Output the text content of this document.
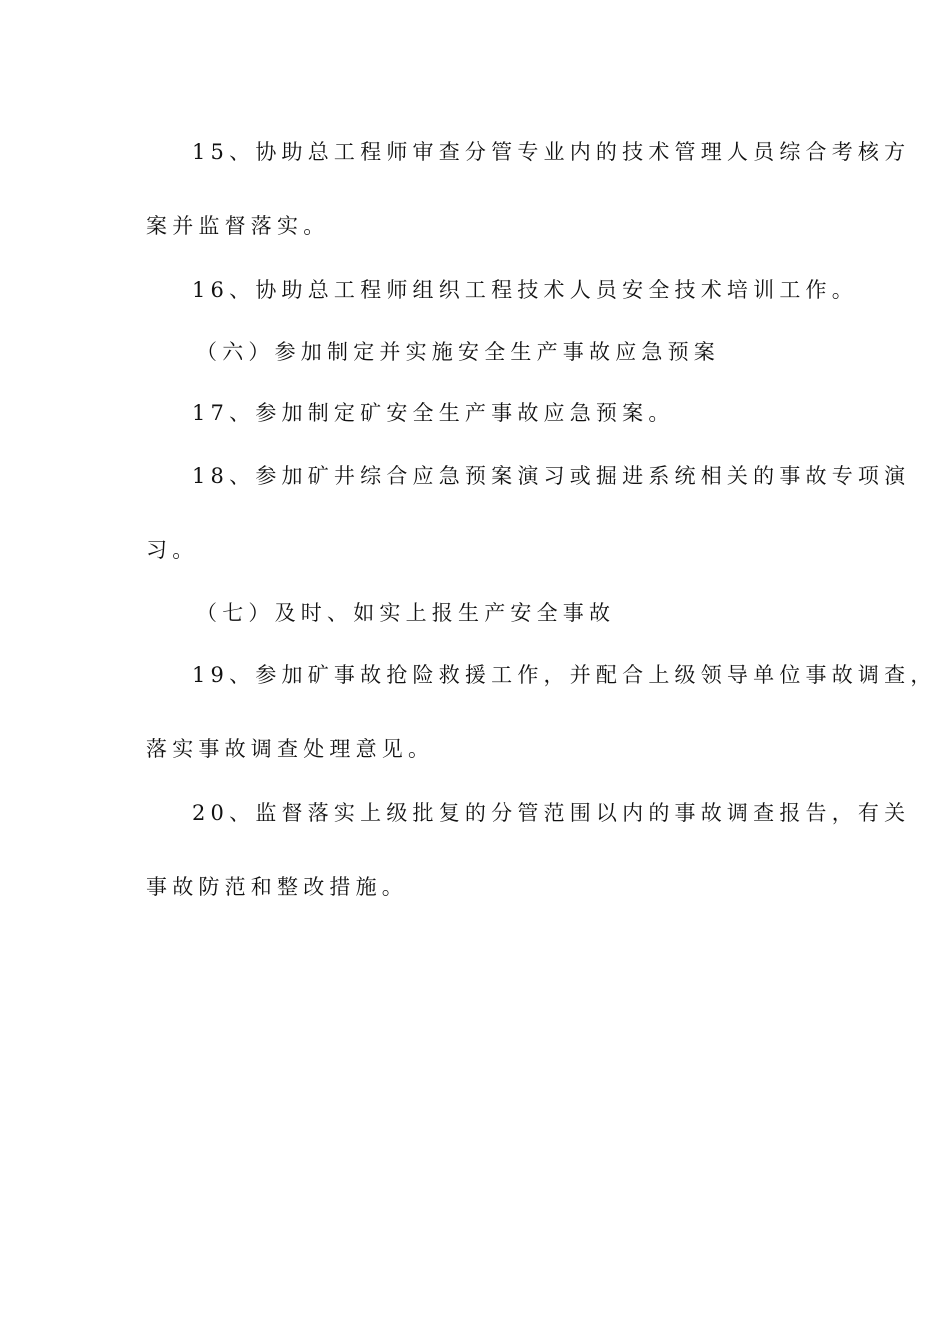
15、协助总工程师审查分管专业内的技术管理人员综合考核方
案并监督落实。
16、协助总工程师组织工程技术人员安全技术培训工作。
（六）参加制定并实施安全生产事故应急预案
17、参加制定矿安全生产事故应急预案。
18、参加矿井综合应急预案演习或掘进系统相关的事故专项演
习。
（七）及时、如实上报生产安全事故
19、参加矿事故抢险救援工作，并配合上级领导单位事故调查，
落实事故调查处理意见。
20、监督落实上级批复的分管范围以内的事故调查报告，有关
事故防范和整改措施。
